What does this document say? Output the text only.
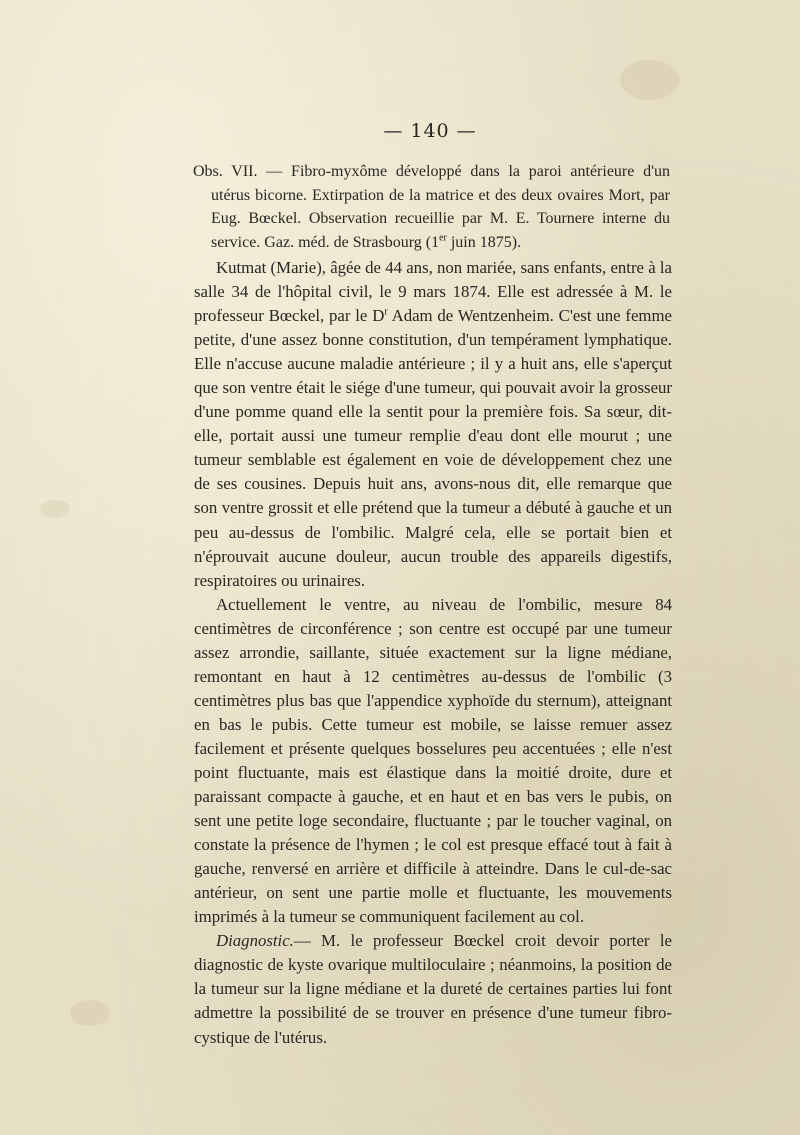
— 140 —
Obs. VII. — Fibro-myxôme développé dans la paroi antérieure d'un utérus bicorne. Extirpation de la matrice et des deux ovaires Mort, par Eug. Bœckel. Observation recueillie par M. E. Tournere interne du service. Gaz. méd. de Strasbourg (1er juin 1875).

Kutmat (Marie), âgée de 44 ans, non mariée, sans enfants, entre à la salle 34 de l'hôpital civil, le 9 mars 1874. Elle est adressée à M. le professeur Bœckel, par le $D^r$ Adam de Wentzenheim. C'est une femme petite, d'une assez bonne constitution, d'un tempérament lymphatique. Elle n'accuse aucune maladie antérieure ; il y a huit ans, elle s'aperçut que son ventre était le siége d'une tumeur, qui pouvait avoir la grosseur d'une pomme quand elle la sentit pour la première fois. Sa sœur, dit-elle, portait aussi une tumeur remplie d'eau dont elle mourut ; une tumeur semblable est également en voie de développement chez une de ses cousines. Depuis huit ans, avons-nous dit, elle remarque que son ventre grossit et elle prétend que la tumeur a débuté à gauche et un peu au-dessus de l'ombilic. Malgré cela, elle se portait bien et n'éprouvait aucune douleur, aucun trouble des appareils digestifs, respiratoires ou urinaires.

Actuellement le ventre, au niveau de l'ombilic, mesure 84 centimètres de circonférence ; son centre est occupé par une tumeur assez arrondie, saillante, située exactement sur la ligne médiane, remontant en haut à 12 centimètres au-dessus de l'ombilic (3 centimètres plus bas que l'appendice xyphoïde du sternum), atteignant en bas le pubis. Cette tumeur est mobile, se laisse remuer assez facilement et présente quelques bosselures peu accentuées ; elle n'est point fluctuante, mais est élastique dans la moitié droite, dure et paraissant compacte à gauche, et en haut et en bas vers le pubis, on sent une petite loge secondaire, fluctuante ; par le toucher vaginal, on constate la présence de l'hymen ; le col est presque effacé tout à fait à gauche, renversé en arrière et difficile à atteindre. Dans le cul-de-sac antérieur, on sent une partie molle et fluctuante, les mouvements imprimés à la tumeur se communiquent facilement au col.

Diagnostic.— M. le professeur Bœckel croit devoir porter le diagnostic de kyste ovarique multiloculaire ; néanmoins, la position de la tumeur sur la ligne médiane et la dureté de certaines parties lui font admettre la possibilité de se trouver en présence d'une tumeur fibro-cystique de l'utérus.
